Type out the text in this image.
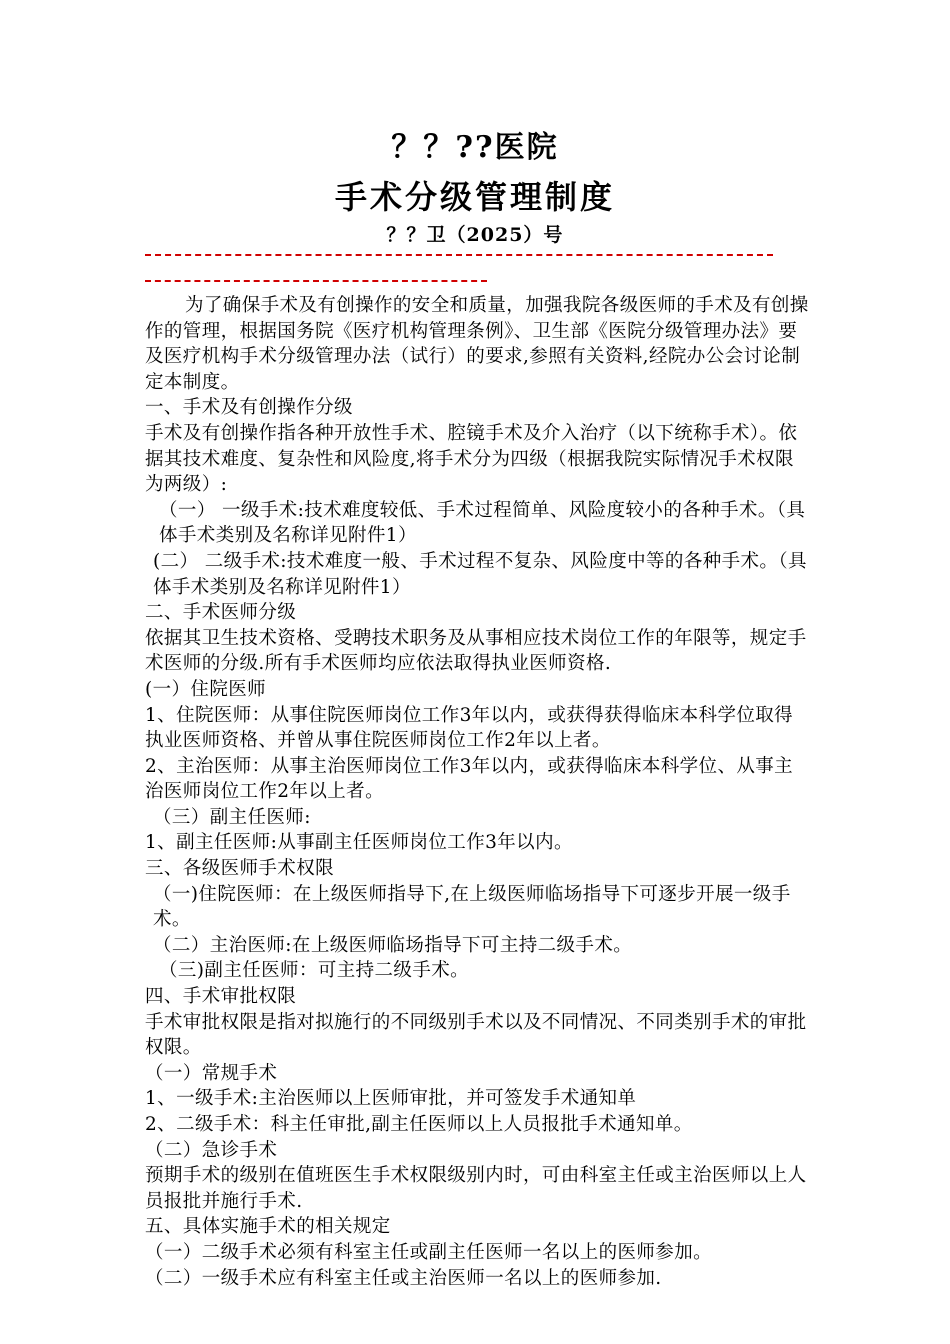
？？??医院
手术分级管理制度
？？卫（2025）号

为了确保手术及有创操作的安全和质量，加强我院各级医师的手术及有创操作的管理，根据国务院《医疗机构管理条例》、卫生部《医院分级管理办法》要及医疗机构手术分级管理办法（试行）的要求,参照有关资料,经院办公会讨论制定本制度。

一、手术及有创操作分级

手术及有创操作指各种开放性手术、腔镜手术及介入治疗（以下统称手术）。依据其技术难度、复杂性和风险度,将手术分为四级（根据我院实际情况手术权限为两级）:

（一） 一级手术:技术难度较低、手术过程简单、风险度较小的各种手术。（具体手术类别及名称详见附件1）

(二） 二级手术:技术难度一般、手术过程不复杂、风险度中等的各种手术。（具体手术类别及名称详见附件1）

二、手术医师分级

依据其卫生技术资格、受聘技术职务及从事相应技术岗位工作的年限等，规定手术医师的分级.所有手术医师均应依法取得执业医师资格.

(一）住院医师

1、住院医师：从事住院医师岗位工作3年以内，或获得获得临床本科学位取得执业医师资格、并曾从事住院医师岗位工作2年以上者。

2、主治医师：从事主治医师岗位工作3年以内，或获得临床本科学位、从事主治医师岗位工作2年以上者。

（三）副主任医师:

1、副主任医师:从事副主任医师岗位工作3年以内。

三、各级医师手术权限

（一)住院医师：在上级医师指导下,在上级医师临场指导下可逐步开展一级手术。

（二）主治医师:在上级医师临场指导下可主持二级手术。

（三)副主任医师：可主持二级手术。

四、手术审批权限

手术审批权限是指对拟施行的不同级别手术以及不同情况、不同类别手术的审批权限。

（一）常规手术

1、一级手术:主治医师以上医师审批，并可签发手术通知单

2、二级手术：科主任审批,副主任医师以上人员报批手术通知单。

（二）急诊手术

预期手术的级别在值班医生手术权限级别内时，可由科室主任或主治医师以上人员报批并施行手术.

五、具体实施手术的相关规定

（一）二级手术必须有科室主任或副主任医师一名以上的医师参加。

（二）一级手术应有科室主任或主治医师一名以上的医师参加.
